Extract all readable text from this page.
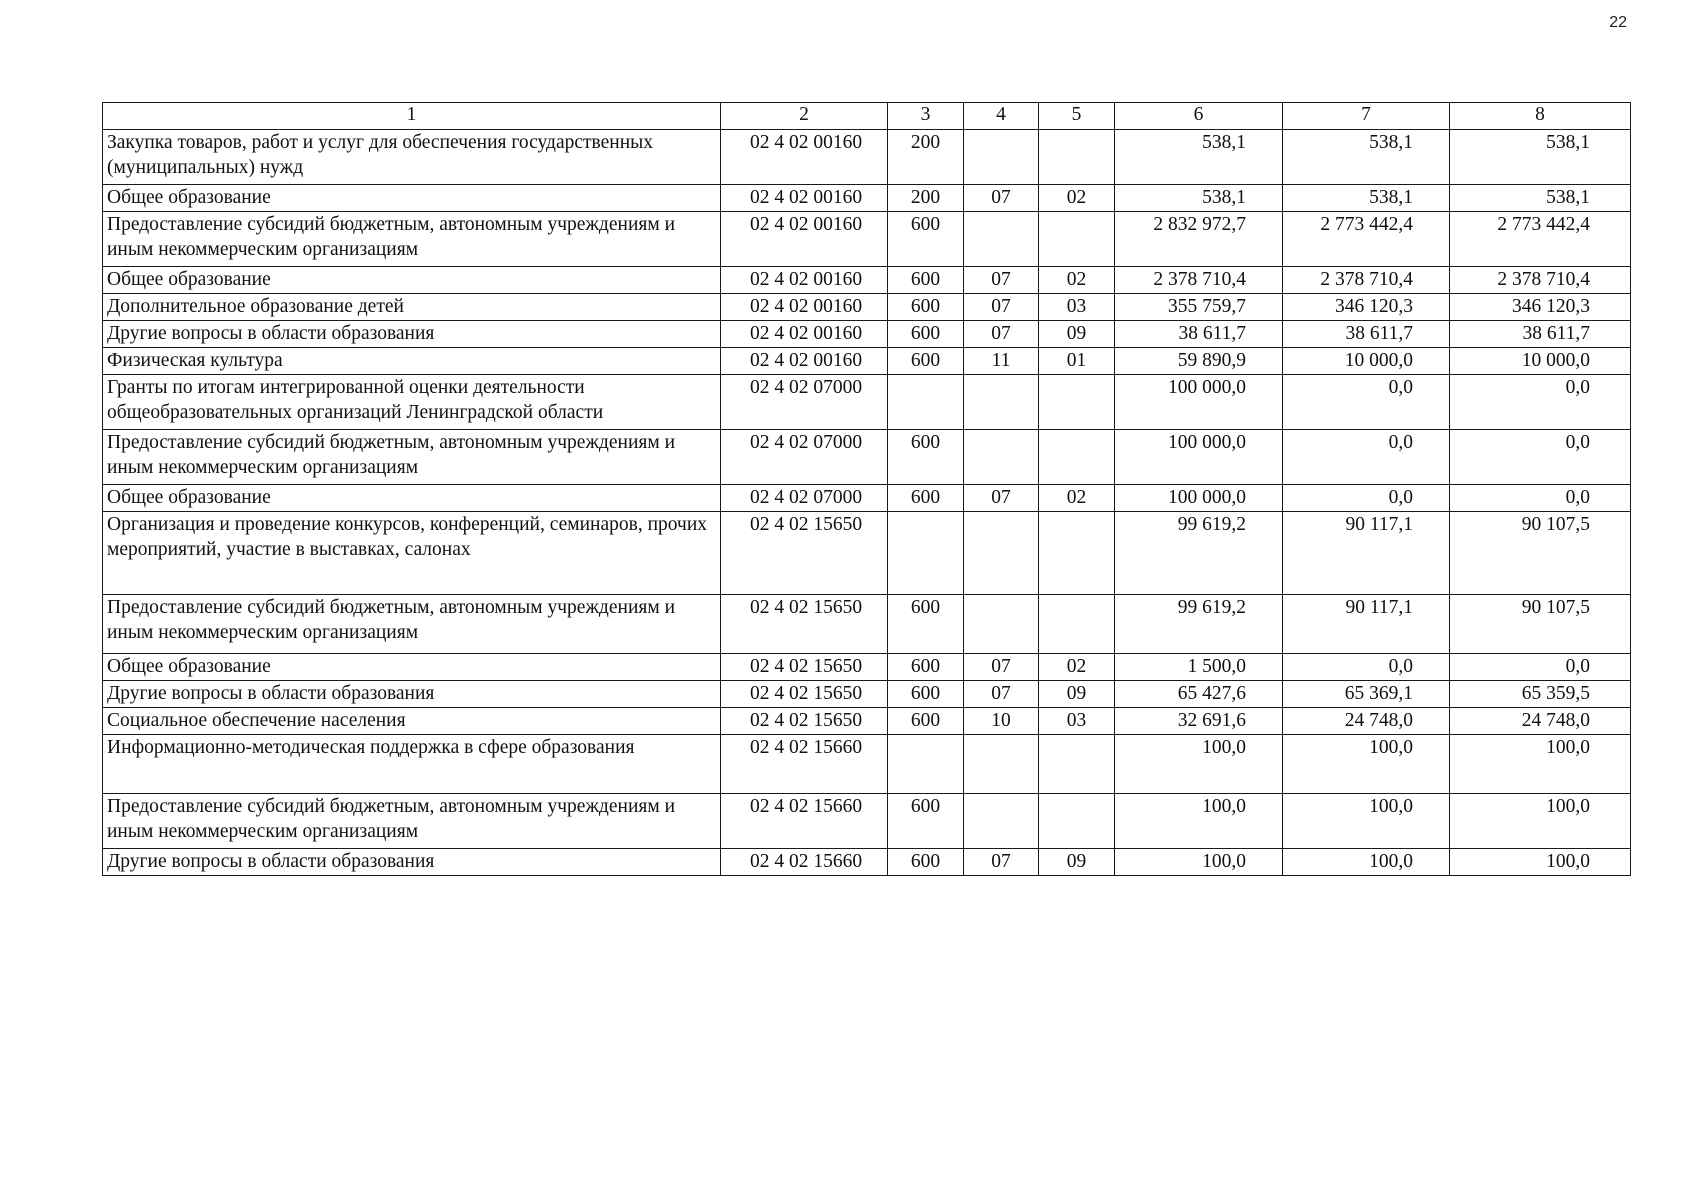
22
1	2	3	4	5	6	7	8
Закупка товаров, работ и услуг для обеспечения государственных (муниципальных) нужд	02 4 02 00160	200			538,1	538,1	538,1
Общее образование	02 4 02 00160	200	07	02	538,1	538,1	538,1
Предоставление субсидий бюджетным, автономным учреждениям и иным некоммерческим организациям	02 4 02 00160	600			2 832 972,7	2 773 442,4	2 773 442,4
Общее образование	02 4 02 00160	600	07	02	2 378 710,4	2 378 710,4	2 378 710,4
Дополнительное образование детей	02 4 02 00160	600	07	03	355 759,7	346 120,3	346 120,3
Другие вопросы в области образования	02 4 02 00160	600	07	09	38 611,7	38 611,7	38 611,7
Физическая культура	02 4 02 00160	600	11	01	59 890,9	10 000,0	10 000,0
Гранты по итогам интегрированной оценки деятельности общеобразовательных организаций Ленинградской области	02 4 02 07000				100 000,0	0,0	0,0
Предоставление субсидий бюджетным, автономным учреждениям и иным некоммерческим организациям	02 4 02 07000	600			100 000,0	0,0	0,0
Общее образование	02 4 02 07000	600	07	02	100 000,0	0,0	0,0
Организация и проведение конкурсов, конференций, семинаров, прочих мероприятий, участие в выставках, салонах	02 4 02 15650				99 619,2	90 117,1	90 107,5
Предоставление субсидий бюджетным, автономным учреждениям и иным некоммерческим организациям	02 4 02 15650	600			99 619,2	90 117,1	90 107,5
Общее образование	02 4 02 15650	600	07	02	1 500,0	0,0	0,0
Другие вопросы в области образования	02 4 02 15650	600	07	09	65 427,6	65 369,1	65 359,5
Социальное обеспечение населения	02 4 02 15650	600	10	03	32 691,6	24 748,0	24 748,0
Информационно-методическая поддержка в сфере образования	02 4 02 15660				100,0	100,0	100,0
Предоставление субсидий бюджетным, автономным учреждениям и иным некоммерческим организациям	02 4 02 15660	600			100,0	100,0	100,0
Другие вопросы в области образования	02 4 02 15660	600	07	09	100,0	100,0	100,0
